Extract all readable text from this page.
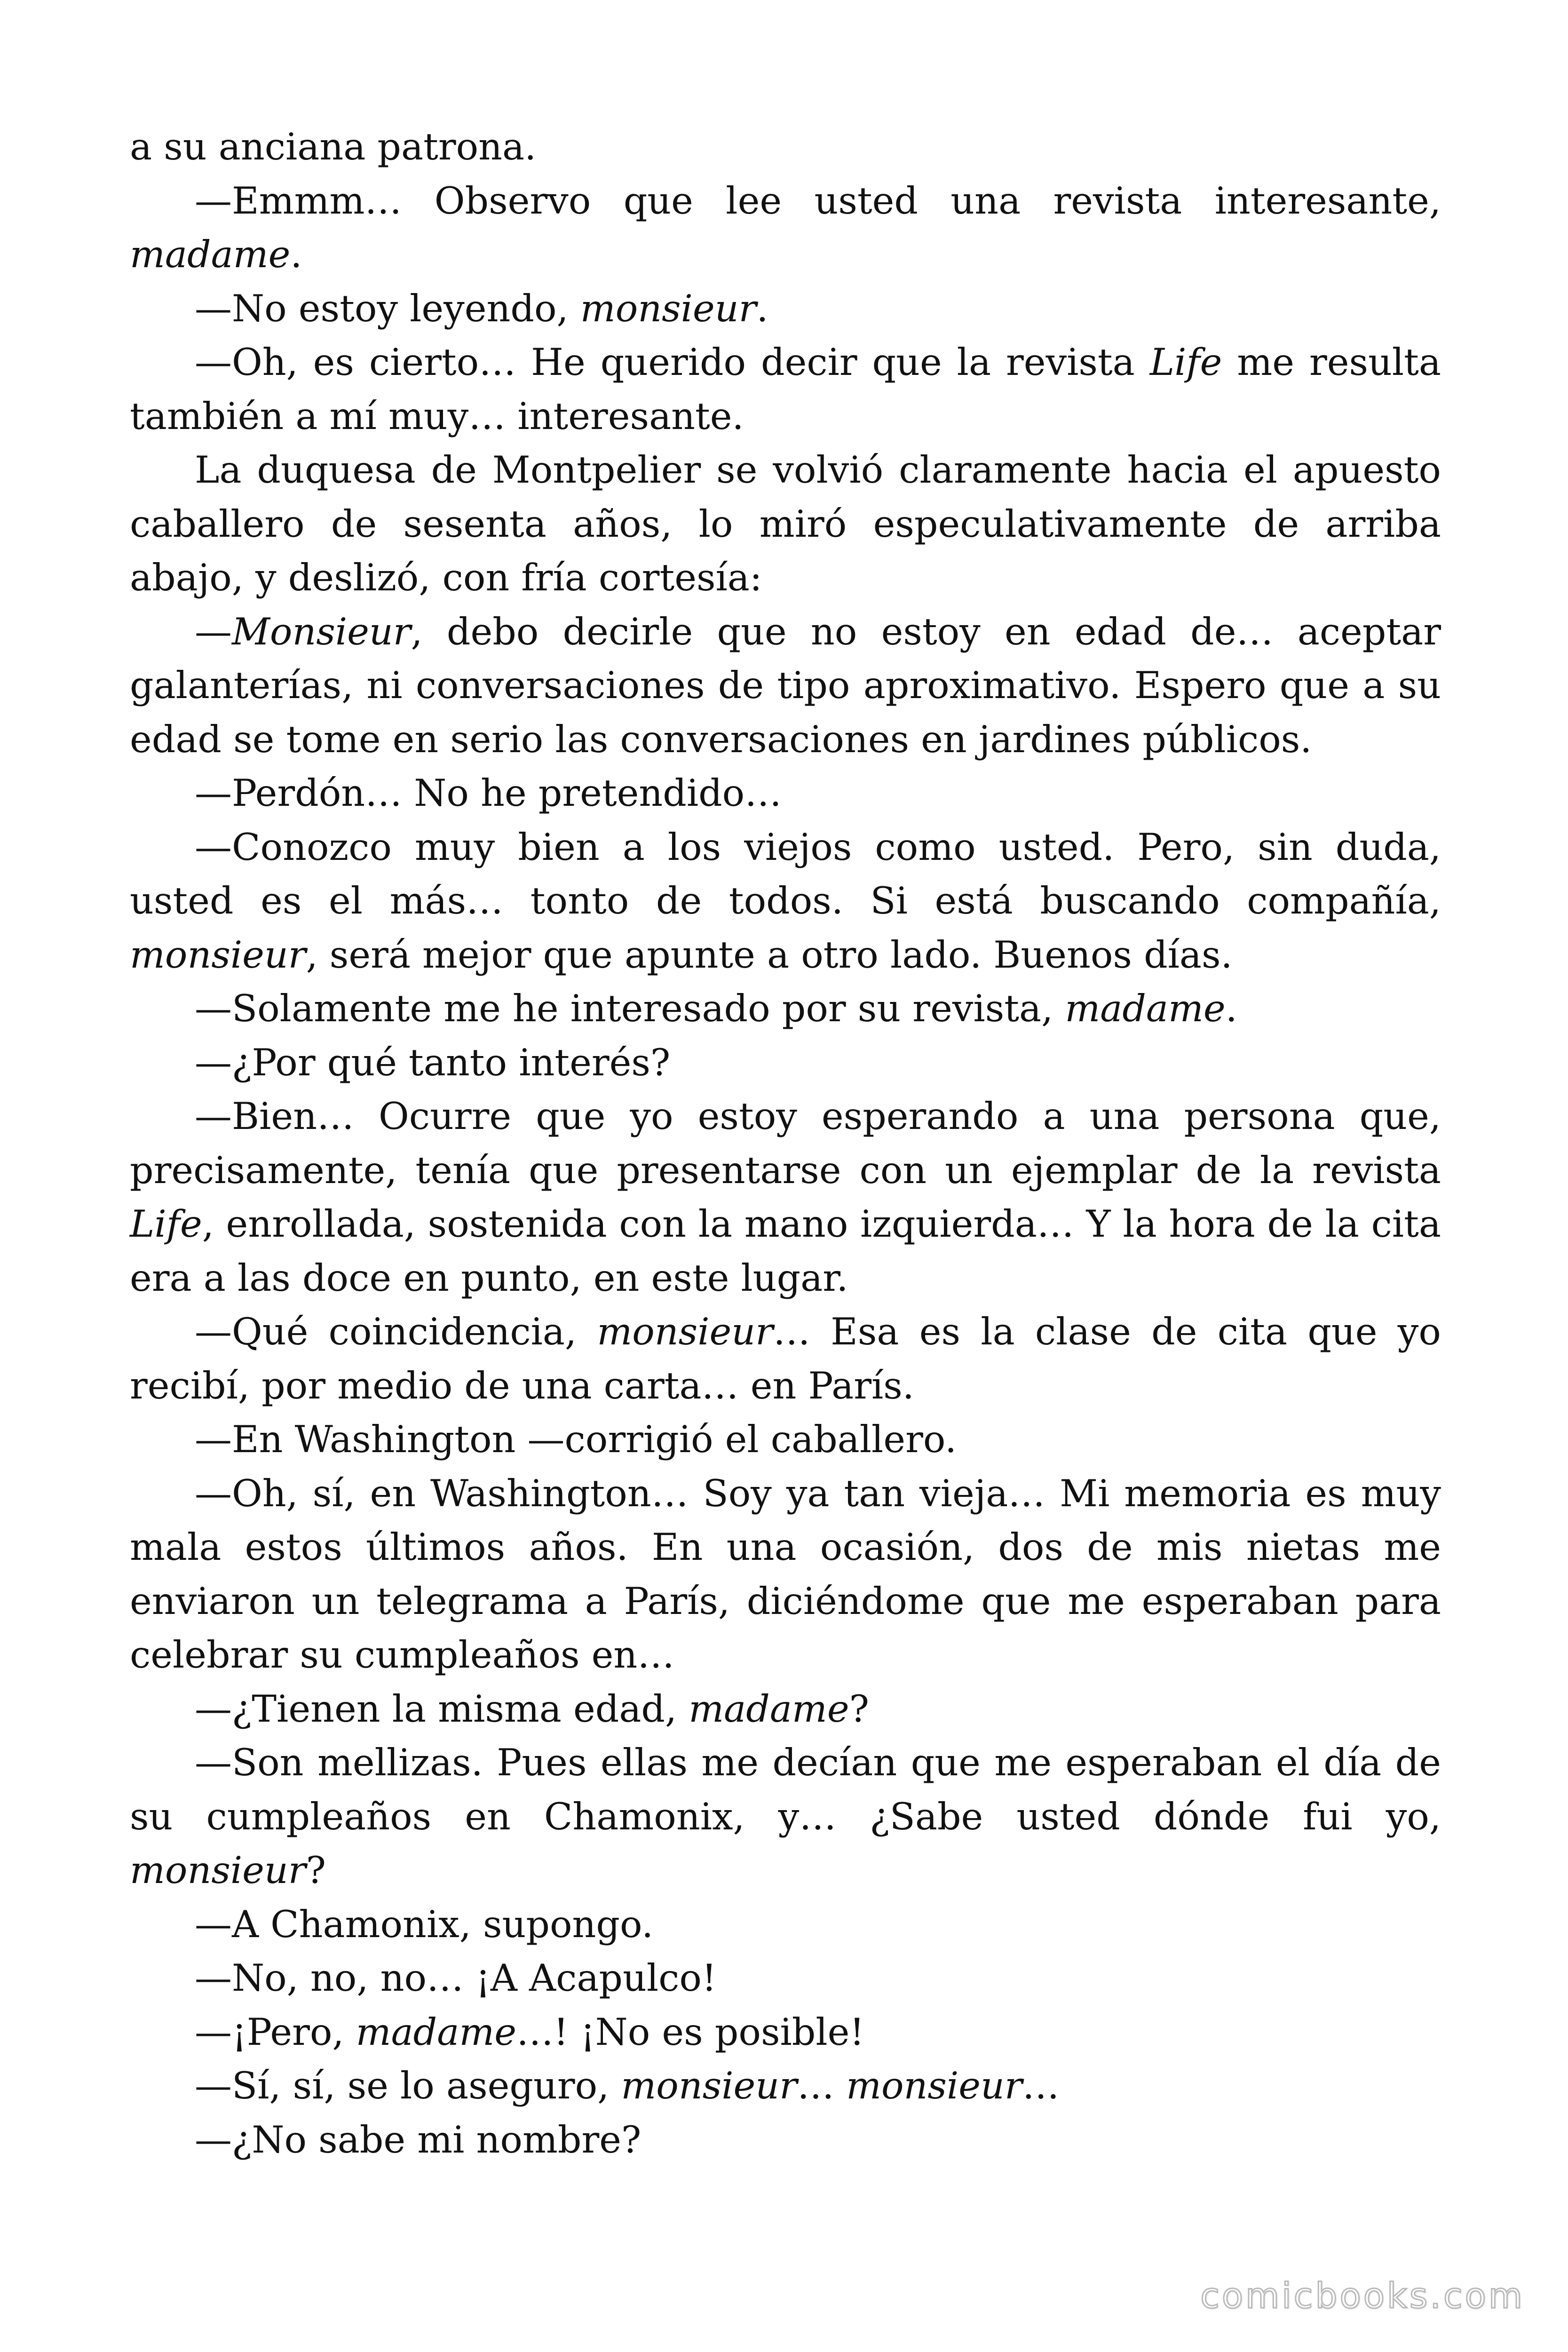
a su anciana patrona.

—Emmm… Observo que lee usted una revista interesante, madame.

—No estoy leyendo, monsieur.

—Oh, es cierto… He querido decir que la revista Life me resulta también a mí muy… interesante.

La duquesa de Montpelier se volvió claramente hacia el apuesto caballero de sesenta años, lo miró especulativamente de arriba abajo, y deslizó, con fría cortesía:

—Monsieur, debo decirle que no estoy en edad de… aceptar galanterías, ni conversaciones de tipo aproximativo. Espero que a su edad se tome en serio las conversaciones en jardines públicos.

—Perdón… No he pretendido…

—Conozco muy bien a los viejos como usted. Pero, sin duda, usted es el más… tonto de todos. Si está buscando compañía, monsieur, será mejor que apunte a otro lado. Buenos días.

—Solamente me he interesado por su revista, madame.

—¿Por qué tanto interés?

—Bien… Ocurre que yo estoy esperando a una persona que, precisamente, tenía que presentarse con un ejemplar de la revista Life, enrollada, sostenida con la mano izquierda… Y la hora de la cita era a las doce en punto, en este lugar.

—Qué coincidencia, monsieur… Esa es la clase de cita que yo recibí, por medio de una carta… en París.

—En Washington —corrigió el caballero.

—Oh, sí, en Washington… Soy ya tan vieja… Mi memoria es muy mala estos últimos años. En una ocasión, dos de mis nietas me enviaron un telegrama a París, diciéndome que me esperaban para celebrar su cumpleaños en…

—¿Tienen la misma edad, madame?

—Son mellizas. Pues ellas me decían que me esperaban el día de su cumpleaños en Chamonix, y… ¿Sabe usted dónde fui yo, monsieur?

—A Chamonix, supongo.

—No, no, no… ¡A Acapulco!

—¡Pero, madame…! ¡No es posible!

—Sí, sí, se lo aseguro, monsieur… monsieur…

—¿No sabe mi nombre?

comicbooks.com
